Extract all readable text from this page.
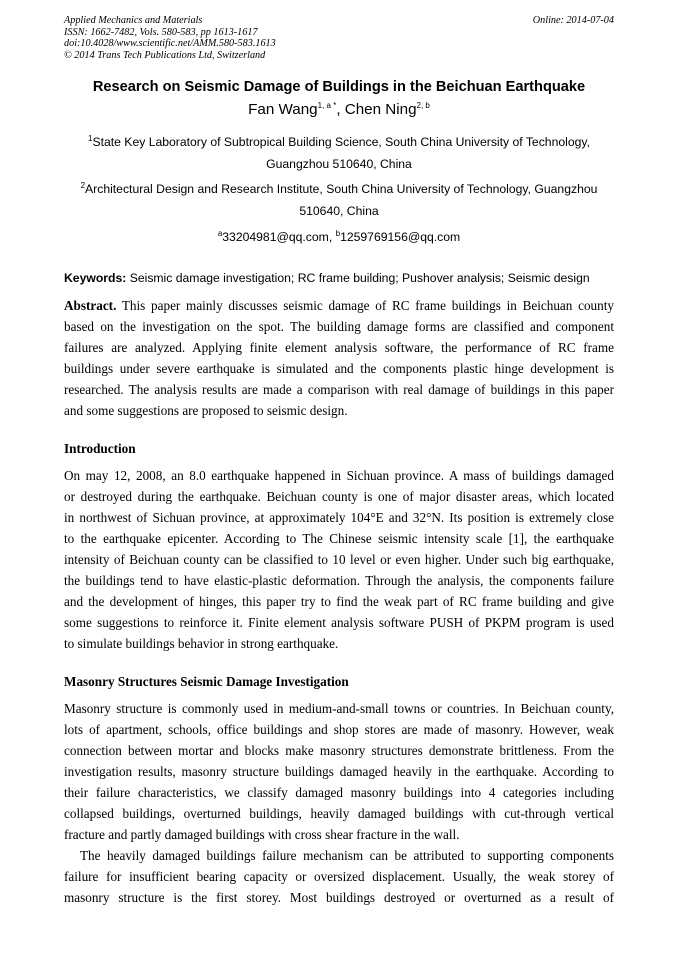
Applied Mechanics and Materials
ISSN: 1662-7482, Vols. 580-583, pp 1613-1617
doi:10.4028/www.scientific.net/AMM.580-583.1613
© 2014 Trans Tech Publications Ltd, Switzerland
Online: 2014-07-04
Research on Seismic Damage of Buildings in the Beichuan Earthquake
Fan Wang$^{1, a *}$, Chen Ning$^{2, b}$
$^1$State Key Laboratory of Subtropical Building Science, South China University of Technology,
Guangzhou 510640, China
$^2$Architectural Design and Research Institute, South China University of Technology, Guangzhou
510640, China
$^a$33204981@qq.com, $^b$1259769156@qq.com
Keywords: Seismic damage investigation; RC frame building; Pushover analysis; Seismic design
Abstract. This paper mainly discusses seismic damage of RC frame buildings in Beichuan county
based on the investigation on the spot. The building damage forms are classified and component
failures are analyzed. Applying finite element analysis software, the performance of RC frame
buildings under severe earthquake is simulated and the components plastic hinge development is
researched. The analysis results are made a comparison with real damage of buildings in this paper
and some suggestions are proposed to seismic design.
Introduction
On may 12, 2008, an 8.0 earthquake happened in Sichuan province. A mass of buildings damaged
or destroyed during the earthquake. Beichuan county is one of major disaster areas, which located
in northwest of Sichuan province, at approximately 104°E and 32°N. Its position is extremely close
to the earthquake epicenter. According to The Chinese seismic intensity scale [1], the earthquake
intensity of Beichuan county can be classified to 10 level or even higher. Under such big earthquake,
the buildings tend to have elastic-plastic deformation. Through the analysis, the components failure
and the development of hinges, this paper try to find the weak part of RC frame building and give
some suggestions to reinforce it. Finite element analysis software PUSH of PKPM program is used
to simulate buildings behavior in strong earthquake.
Masonry Structures Seismic Damage Investigation
Masonry structure is commonly used in medium-and-small towns or countries. In Beichuan county,
lots of apartment, schools, office buildings and shop stores are made of masonry. However, weak
connection between mortar and blocks make masonry structures demonstrate brittleness. From the
investigation results, masonry structure buildings damaged heavily in the earthquake. According to
their failure characteristics, we classify damaged masonry buildings into 4 categories including
collapsed buildings, overturned buildings, heavily damaged buildings with cut-through vertical
fracture and partly damaged buildings with cross shear fracture in the wall.
The heavily damaged buildings failure mechanism can be attributed to supporting components
failure for insufficient bearing capacity or oversized displacement. Usually, the weak storey of
masonry structure is the first storey. Most buildings destroyed or overturned as a result of
